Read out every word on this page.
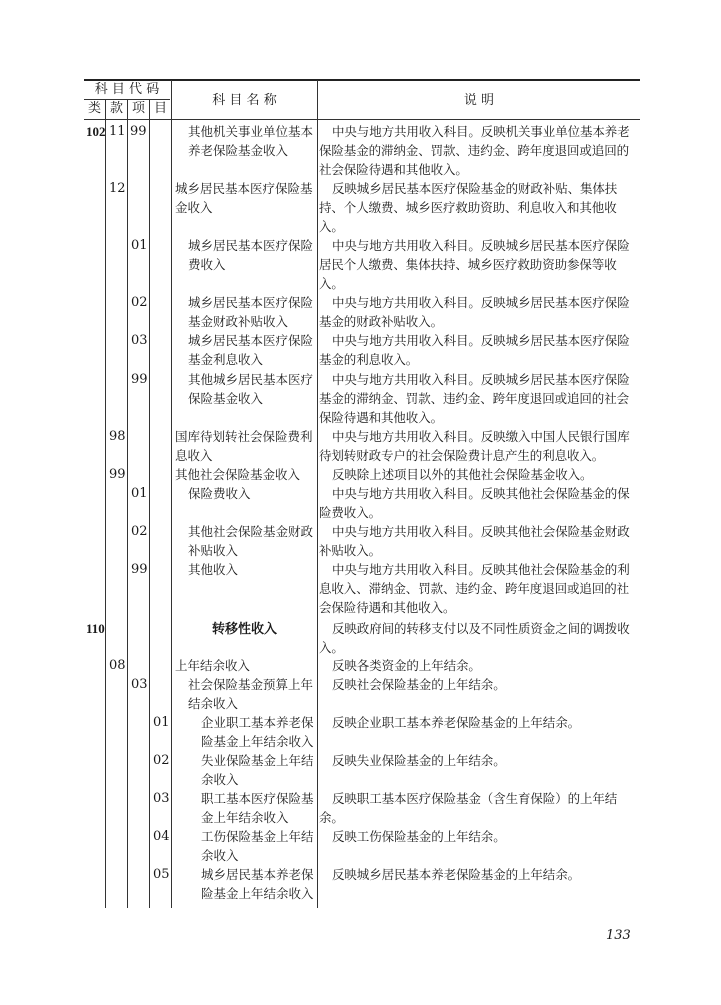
科 目 代 码
类 款 项 目
科 目 名 称	说 明
102 11 99	其他机关事业单位基本养老保险基金收入
中央与地方共用收入科目。反映机关事业单位基本养老保险基金的滞纳金、罚款、违约金、跨年度退回或追回的社会保险待遇和其他收入。
12	城乡居民基本医疗保险基金收入
反映城乡居民基本医疗保险基金的财政补贴、集体扶持、个人缴费、城乡医疗救助资助、利息收入和其他收入。
01	城乡居民基本医疗保险费收入
中央与地方共用收入科目。反映城乡居民基本医疗保险居民个人缴费、集体扶持、城乡医疗救助资助参保等收入。
02	城乡居民基本医疗保险基金财政补贴收入
中央与地方共用收入科目。反映城乡居民基本医疗保险基金的财政补贴收入。
03	城乡居民基本医疗保险基金利息收入
中央与地方共用收入科目。反映城乡居民基本医疗保险基金的利息收入。
99	其他城乡居民基本医疗保险基金收入
中央与地方共用收入科目。反映城乡居民基本医疗保险基金的滞纳金、罚款、违约金、跨年度退回或追回的社会保险待遇和其他收入。
98	国库待划转社会保险费利息收入
中央与地方共用收入科目。反映缴入中国人民银行国库待划转财政专户的社会保险费计息产生的利息收入。
99	其他社会保险基金收入	反映除上述项目以外的其他社会保险基金收入。
01	保险费收入	中央与地方共用收入科目。反映其他社会保险基金的保险费收入。
02	其他社会保险基金财政补贴收入
中央与地方共用收入科目。反映其他社会保险基金财政补贴收入。
99	其他收入	中央与地方共用收入科目。反映其他社会保险基金的利息收入、滞纳金、罚款、违约金、跨年度退回或追回的社会保险待遇和其他收入。
110	转移性收入	反映政府间的转移支付以及不同性质资金之间的调拨收入。
08	上年结余收入	反映各类资金的上年结余。
03	社会保险基金预算上年结余收入
反映社会保险基金的上年结余。
01	企业职工基本养老保险基金上年结余收入
反映企业职工基本养老保险基金的上年结余。
02	失业保险基金上年结余收入
反映失业保险基金的上年结余。
03	职工基本医疗保险基金上年结余收入
反映职工基本医疗保险基金（含生育保险）的上年结余。
04	工伤保险基金上年结余收入
反映工伤保险基金的上年结余。
05	城乡居民基本养老保险基金上年结余收入
反映城乡居民基本养老保险基金的上年结余。
133
